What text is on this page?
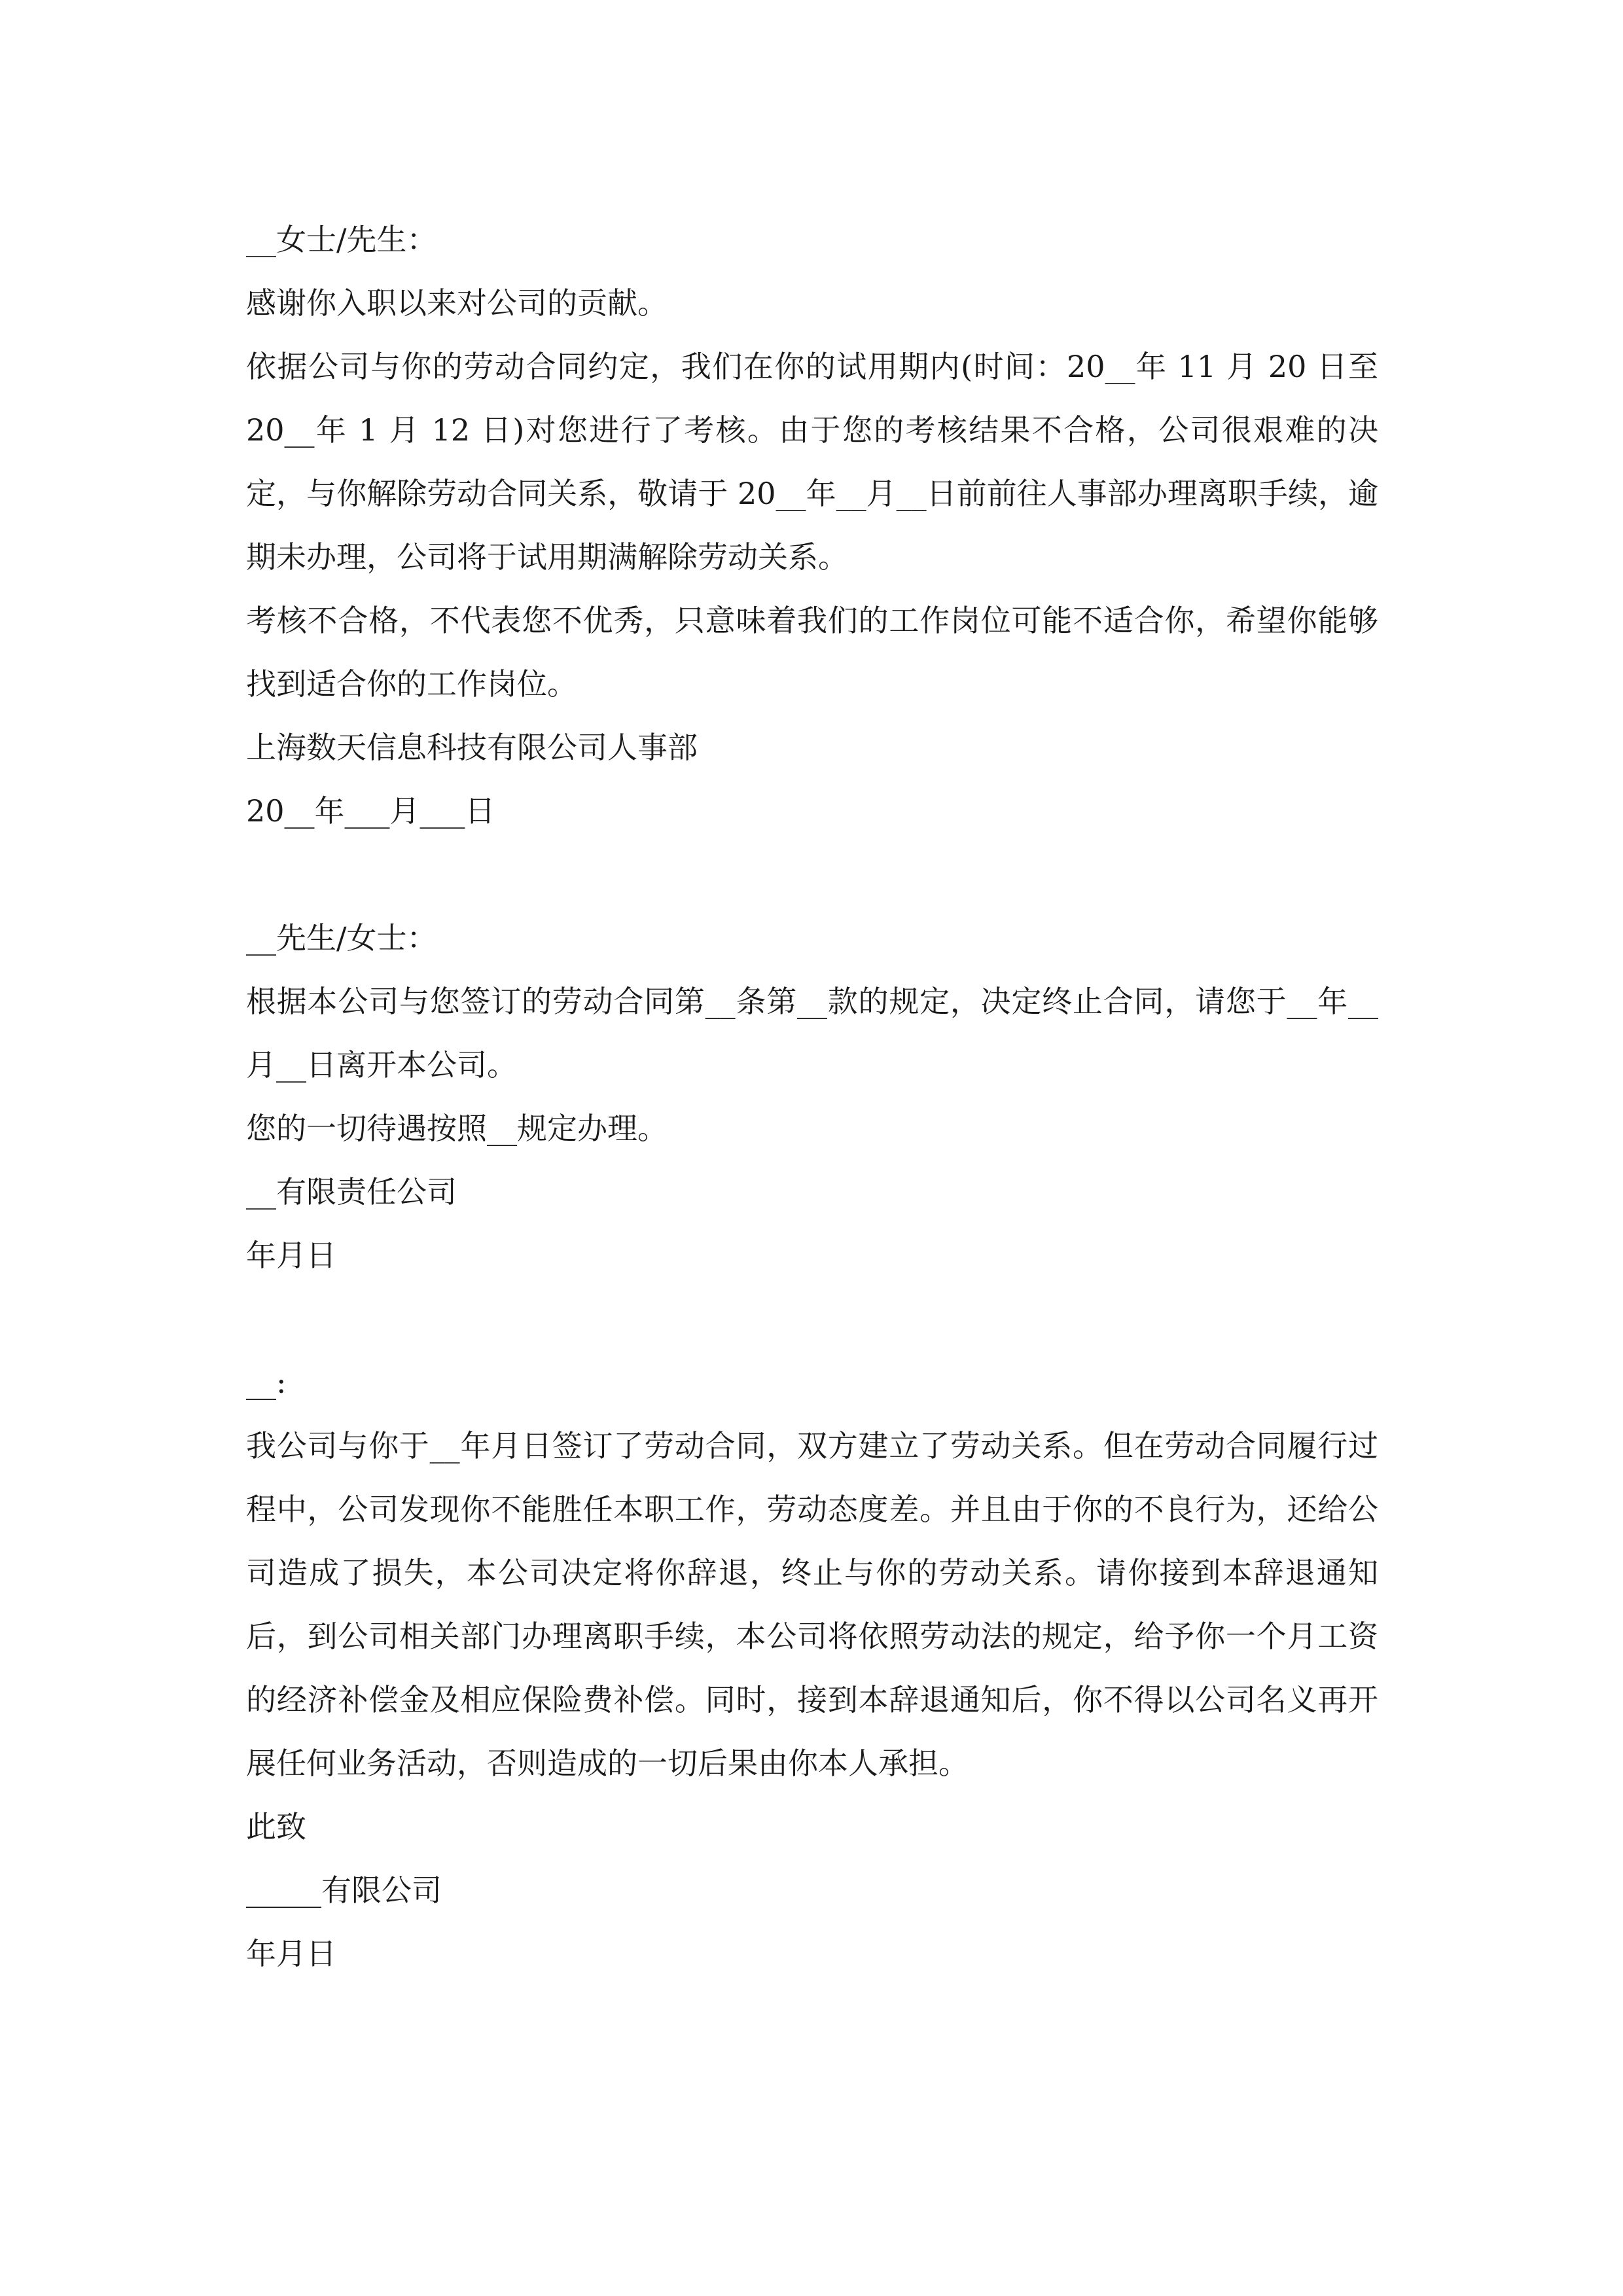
__女士/先生：

感谢你入职以来对公司的贡献。

依据公司与你的劳动合同约定，我们在你的试用期内(时间：20__年 11 月 20 日至 20__年 1 月 12 日)对您进行了考核。由于您的考核结果不合格，公司很艰难的决定，与你解除劳动合同关系，敬请于 20__年__月__日前前往人事部办理离职手续，逾期未办理，公司将于试用期满解除劳动关系。

考核不合格，不代表您不优秀，只意味着我们的工作岗位可能不适合你，希望你能够找到适合你的工作岗位。

上海数天信息科技有限公司人事部

20__年___月___日

__先生/女士：

根据本公司与您签订的劳动合同第__条第__款的规定，决定终止合同，请您于__年__月__日离开本公司。

您的一切待遇按照__规定办理。

__有限责任公司

年月日

__:

我公司与你于__年月日签订了劳动合同，双方建立了劳动关系。但在劳动合同履行过程中，公司发现你不能胜任本职工作，劳动态度差。并且由于你的不良行为，还给公司造成了损失，本公司决定将你辞退，终止与你的劳动关系。请你接到本辞退通知后，到公司相关部门办理离职手续，本公司将依照劳动法的规定，给予你一个月工资的经济补偿金及相应保险费补偿。同时，接到本辞退通知后，你不得以公司名义再开展任何业务活动，否则造成的一切后果由你本人承担。

此致

_____有限公司

年月日
